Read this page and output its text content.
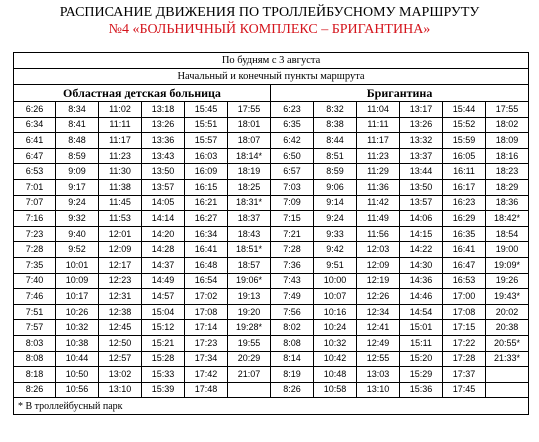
РАСПИСАНИЕ ДВИЖЕНИЯ ПО ТРОЛЛЕЙБУСНОМУ МАРШРУТУ
№4 «БОЛЬНИЧНЫЙ КОМПЛЕКС – БРИГАНТИНА»
По будням с 3 августа											
Начальный и конечный пункты маршрута											
Областная детская больница						Бригантина					
6:26	8:34	11:02	13:18	15:45	17:55	6:23	8:32	11:04	13:17	15:44	17:55
6:34	8:41	11:11	13:26	15:51	18:01	6:35	8:38	11:11	13:26	15:52	18:02
6:41	8:48	11:17	13:36	15:57	18:07	6:42	8:44	11:17	13:32	15:59	18:09
6:47	8:59	11:23	13:43	16:03	18:14*	6:50	8:51	11:23	13:37	16:05	18:16
6:53	9:09	11:30	13:50	16:09	18:19	6:57	8:59	11:29	13:44	16:11	18:23
7:01	9:17	11:38	13:57	16:15	18:25	7:03	9:06	11:36	13:50	16:17	18:29
7:07	9:24	11:45	14:05	16:21	18:31*	7:09	9:14	11:42	13:57	16:23	18:36
7:16	9:32	11:53	14:14	16:27	18:37	7:15	9:24	11:49	14:06	16:29	18:42*
7:23	9:40	12:01	14:20	16:34	18:43	7:21	9:33	11:56	14:15	16:35	18:54
7:28	9:52	12:09	14:28	16:41	18:51*	7:28	9:42	12:03	14:22	16:41	19:00
7:35	10:01	12:17	14:37	16:48	18:57	7:36	9:51	12:09	14:30	16:47	19:09*
7:40	10:09	12:23	14:49	16:54	19:06*	7:43	10:00	12:19	14:36	16:53	19:26
7:46	10:17	12:31	14:57	17:02	19:13	7:49	10:07	12:26	14:46	17:00	19:43*
7:51	10:26	12:38	15:04	17:08	19:20	7:56	10:16	12:34	14:54	17:08	20:02
7:57	10:32	12:45	15:12	17:14	19:28*	8:02	10:24	12:41	15:01	17:15	20:38
8:03	10:38	12:50	15:21	17:23	19:55	8:08	10:32	12:49	15:11	17:22	20:55*
8:08	10:44	12:57	15:28	17:34	20:29	8:14	10:42	12:55	15:20	17:28	21:33*
8:18	10:50	13:02	15:33	17:42	21:07	8:19	10:48	13:03	15:29	17:37	
8:26	10:56	13:10	15:39	17:48		8:26	10:58	13:10	15:36	17:45	
* В троллейбусный парк											
